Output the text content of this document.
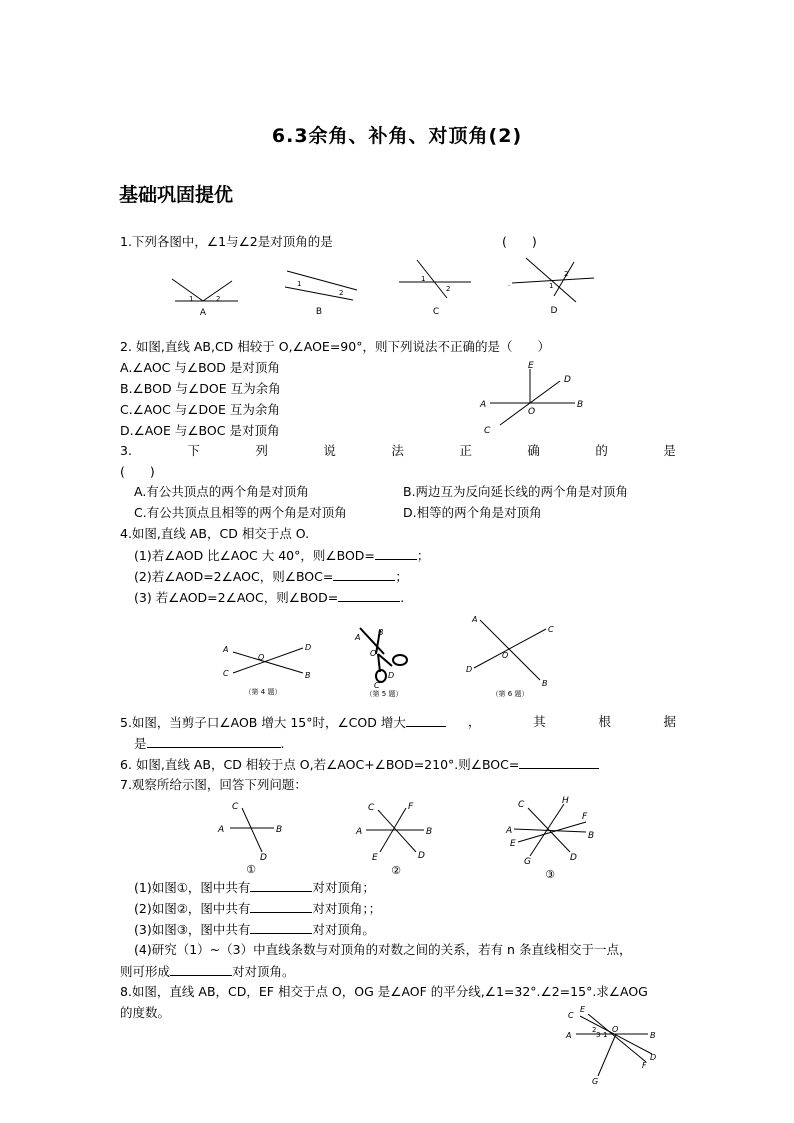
6.3余角、补角、对顶角(2)
基础巩固提优
1.下列各图中，∠1与∠2是对顶角的是	(　　)
1	2
A
1
2
B
1
2
C
2
1
.
D
2. 如图,直线 AB,CD 相较于 O,∠AOE=90°，则下列说法不正确的是（　　）
A.∠AOC 与∠BOD 是对顶角
B.∠BOD 与∠DOE 互为余角
C.∠AOC 与∠DOE 互为余角
D.∠AOE 与∠BOC 是对顶角
A	B
C
D
E
O
3.	下	列	说	法	正	确	的	是
(　　)
A.有公共顶点的两个角是对顶角	B.两边互为反向延长线的两个角是对顶角
C.有公共顶点且相等的两个角是对顶角	D.相等的两个角是对顶角
4.如图,直线 AB，CD 相交于点 O.
(1)若∠AOD 比∠AOC 大 40°，则∠BOD=	；
(2)若∠AOD=2∠AOC，则∠BOC=	；
(3) 若∠AOD=2∠AOC，则∠BOD=	.
A
C
D
B
O
（第 4 题）
A
B
O
D
C
（第 5 题）
A
C
D
B
O
（第 6 题）
5.如图，当剪子口∠AOB 增大 15°时，∠COD 增大	，	其	根	据
是	.
6. 如图,直线 AB，CD 相较于点 O,若∠AOC+∠BOD=210°.则∠BOC=
7.观察所给示图，回答下列问题：
A	B
C
D
①
A	B
C	F
D
E
②
A	B
C	H
F
E
G	D
③
(1)如图①，图中共有	对对顶角；
(2)如图②，图中共有	对对顶角；；
(3)如图③，图中共有	对对顶角。
(4)研究（1）~（3）中直线条数与对顶角的对数之间的关系，若有 n 条直线相交于一点，
则可形成	对对顶角。
8.如图，直线 AB，CD，EF 相交于点 O，OG 是∠AOF 的平分线,∠1=32°.∠2=15°.求∠AOG
的度数。	C
E
A	B
D
F
G
O
2
3 1
